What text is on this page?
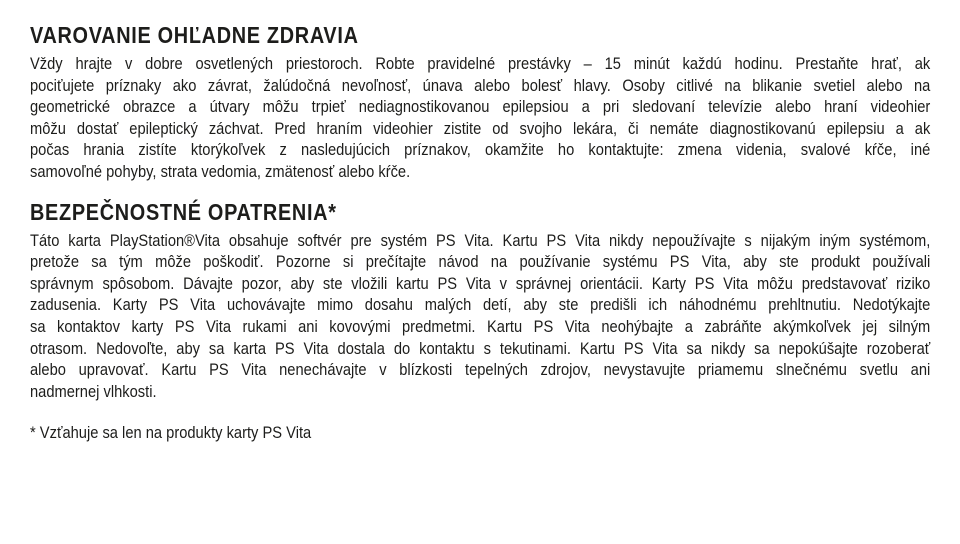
VAROVANIE OHĽADNE ZDRAVIA
Vždy hrajte v dobre osvetlených priestoroch. Robte pravidelné prestávky – 15 minút každú hodinu. Prestaňte hrať, ak
pociťujete príznaky ako závrat, žalúdočná nevoľnosť, únava alebo bolesť hlavy. Osoby citlivé na blikanie svetiel alebo na
geometrické obrazce a útvary môžu trpieť nediagnostikovanou epilepsiou a pri sledovaní televízie alebo hraní videohier
môžu dostať epileptický záchvat. Pred hraním videohier zistite od svojho lekára, či nemáte diagnostikovanú epilepsiu a ak
počas hrania zistíte ktorýkoľvek z nasledujúcich príznakov, okamžite ho kontaktujte: zmena videnia, svalové kŕče, iné
samovoľné pohyby, strata vedomia, zmätenosť alebo kŕče.
BEZPEČNOSTNÉ OPATRENIA*
Táto karta PlayStation®Vita obsahuje softvér pre systém PS Vita. Kartu PS Vita nikdy nepoužívajte s nijakým iným systémom,
pretože sa tým môže poškodiť. Pozorne si prečítajte návod na používanie systému PS Vita, aby ste produkt používali
správnym spôsobom. Dávajte pozor, aby ste vložili kartu PS Vita v správnej orientácii. Karty PS Vita môžu predstavovať riziko
zadusenia. Karty PS Vita uchovávajte mimo dosahu malých detí, aby ste predišli ich náhodnému prehltnutiu. Nedotýkajte
sa kontaktov karty PS Vita rukami ani kovovými predmetmi. Kartu PS Vita neohýbajte a zabráňte akýmkoľvek jej silným
otrasom. Nedovoľte, aby sa karta PS Vita dostala do kontaktu s tekutinami. Kartu PS Vita sa nikdy sa nepokúšajte rozoberať
alebo upravovať. Kartu PS Vita nenechávajte v blízkosti tepelných zdrojov, nevystavujte priamemu slnečnému svetlu ani
nadmernej vlhkosti.

* Vzťahuje sa len na produkty karty PS Vita
